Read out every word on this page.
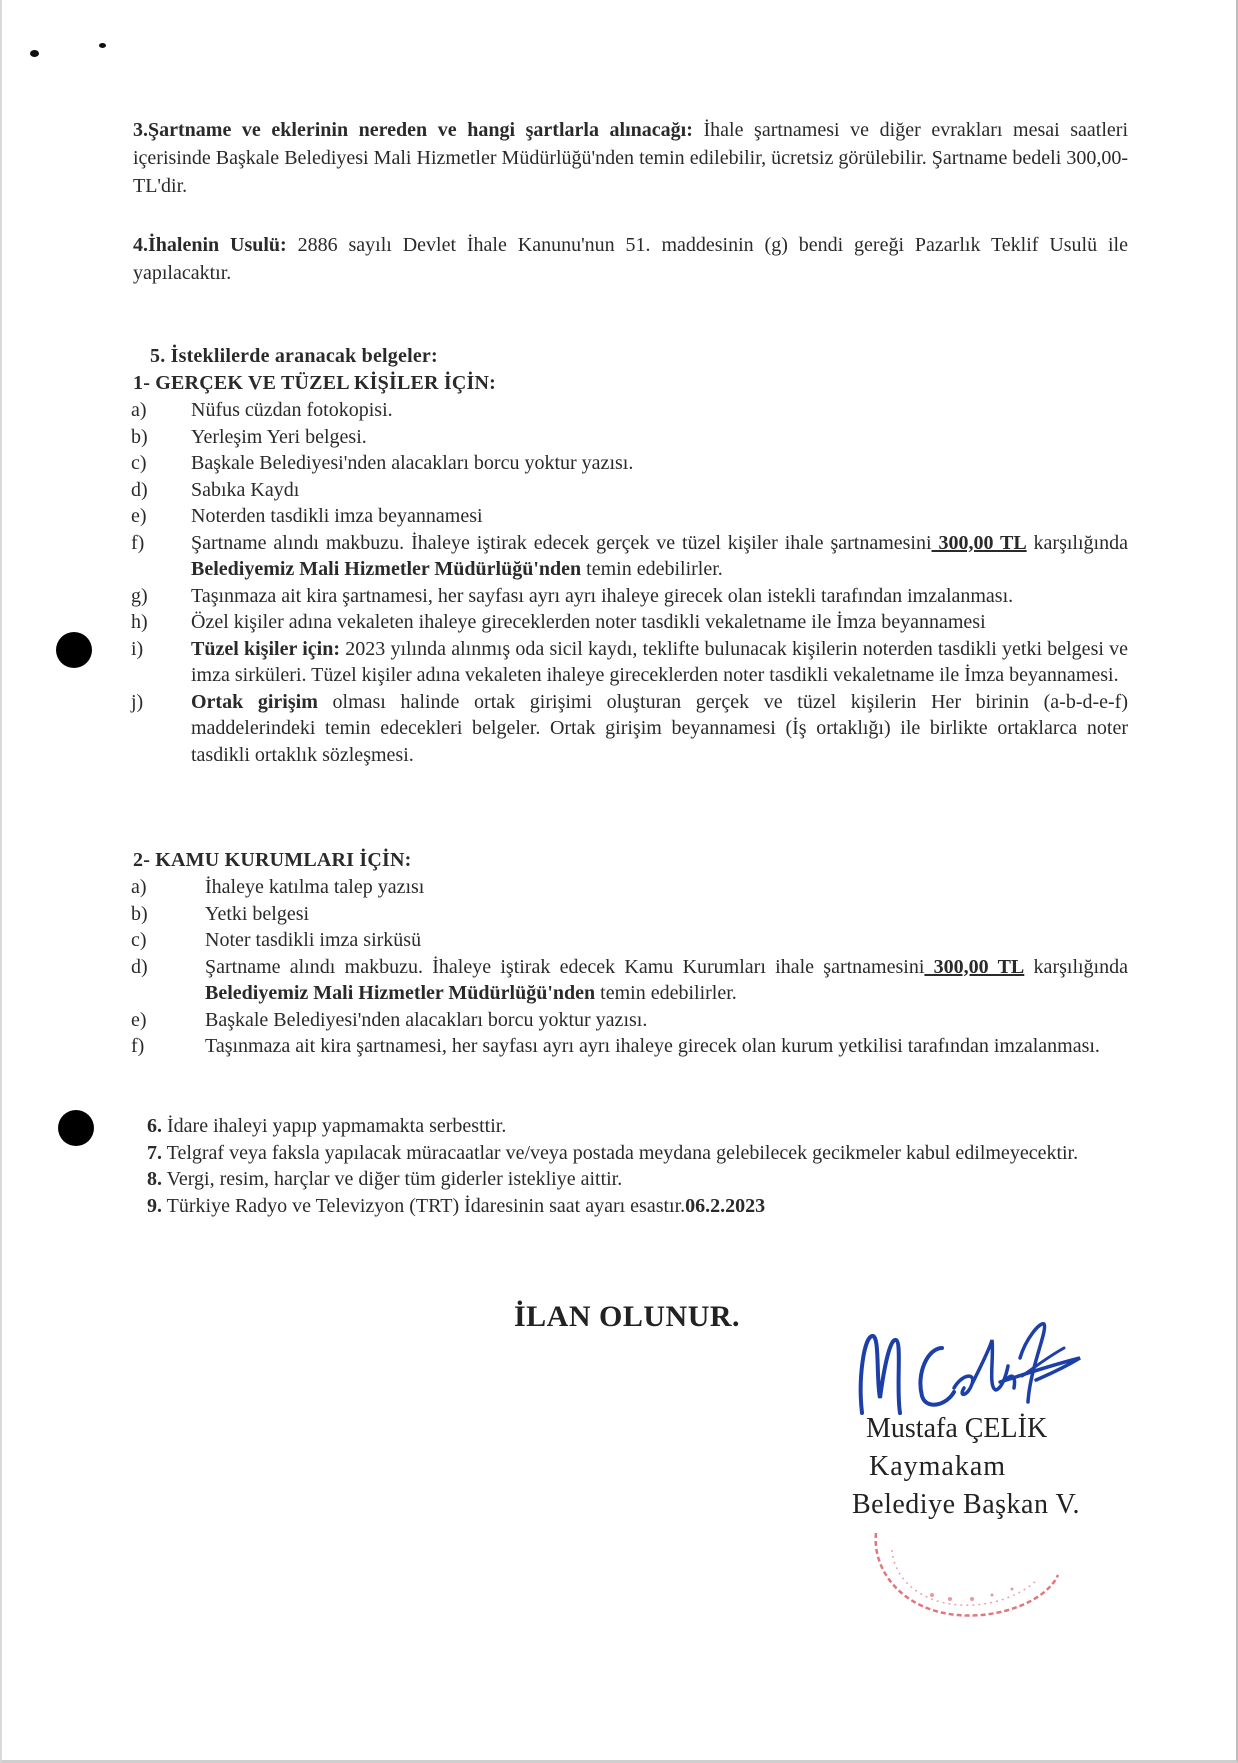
3.Şartname ve eklerinin nereden ve hangi şartlarla alınacağı: İhale şartnamesi ve diğer evrakları mesai saatleri içerisinde Başkale Belediyesi Mali Hizmetler Müdürlüğü'nden temin edilebilir, ücretsiz görülebilir. Şartname bedeli 300,00-TL'dir.

4.İhalenin Usulü: 2886 sayılı Devlet İhale Kanunu'nun 51. maddesinin (g) bendi gereği Pazarlık Teklif Usulü ile yapılacaktır.

5. İsteklilerde aranacak belgeler:

1- GERÇEK VE TÜZEL KİŞİLER İÇİN:

a)	Nüfus cüzdan fotokopisi.
b)	Yerleşim Yeri belgesi.
c)	Başkale Belediyesi'nden alacakları borcu yoktur yazısı.
d)	Sabıka Kaydı
e)	Noterden tasdikli imza beyannamesi
f)	Şartname alındı makbuzu. İhaleye iştirak edecek gerçek ve tüzel kişiler ihale şartnamesini 300,00 TL karşılığında Belediyemiz Mali Hizmetler Müdürlüğü'nden temin edebilirler.
g)	Taşınmaza ait kira şartnamesi, her sayfası ayrı ayrı ihaleye girecek olan istekli tarafından imzalanması.
h)	Özel kişiler adına vekaleten ihaleye gireceklerden noter tasdikli vekaletname ile İmza beyannamesi
i)	Tüzel kişiler için: 2023 yılında alınmış oda sicil kaydı, teklifte bulunacak kişilerin noterden tasdikli yetki belgesi ve imza sirküleri. Tüzel kişiler adına vekaleten ihaleye gireceklerden noter tasdikli vekaletname ile İmza beyannamesi.
j)	Ortak girişim olması halinde ortak girişimi oluşturan gerçek ve tüzel kişilerin Her birinin (a-b-d-e-f) maddelerindeki temin edecekleri belgeler. Ortak girişim beyannamesi (İş ortaklığı) ile birlikte ortaklarca noter tasdikli ortaklık sözleşmesi.

2- KAMU KURUMLARI İÇİN:

a)	İhaleye katılma talep yazısı
b)	Yetki belgesi
c)	Noter tasdikli imza sirküsü
d)	Şartname alındı makbuzu. İhaleye iştirak edecek Kamu Kurumları ihale şartnamesini 300,00 TL karşılığında Belediyemiz Mali Hizmetler Müdürlüğü'nden temin edebilirler.
e)	Başkale Belediyesi'nden alacakları borcu yoktur yazısı.
f)	Taşınmaza ait kira şartnamesi, her sayfası ayrı ayrı ihaleye girecek olan kurum yetkilisi tarafından imzalanması.

6. İdare ihaleyi yapıp yapmamakta serbesttir.

7. Telgraf veya faksla yapılacak müracaatlar ve/veya postada meydana gelebilecek gecikmeler kabul edilmeyecektir.

8. Vergi, resim, harçlar ve diğer tüm giderler istekliye aittir.

9. Türkiye Radyo ve Televizyon (TRT) İdaresinin saat ayarı esastır.06.2.2023

İLAN OLUNUR.
Mustafa ÇELİK
Kaymakam
Belediye Başkan V.
